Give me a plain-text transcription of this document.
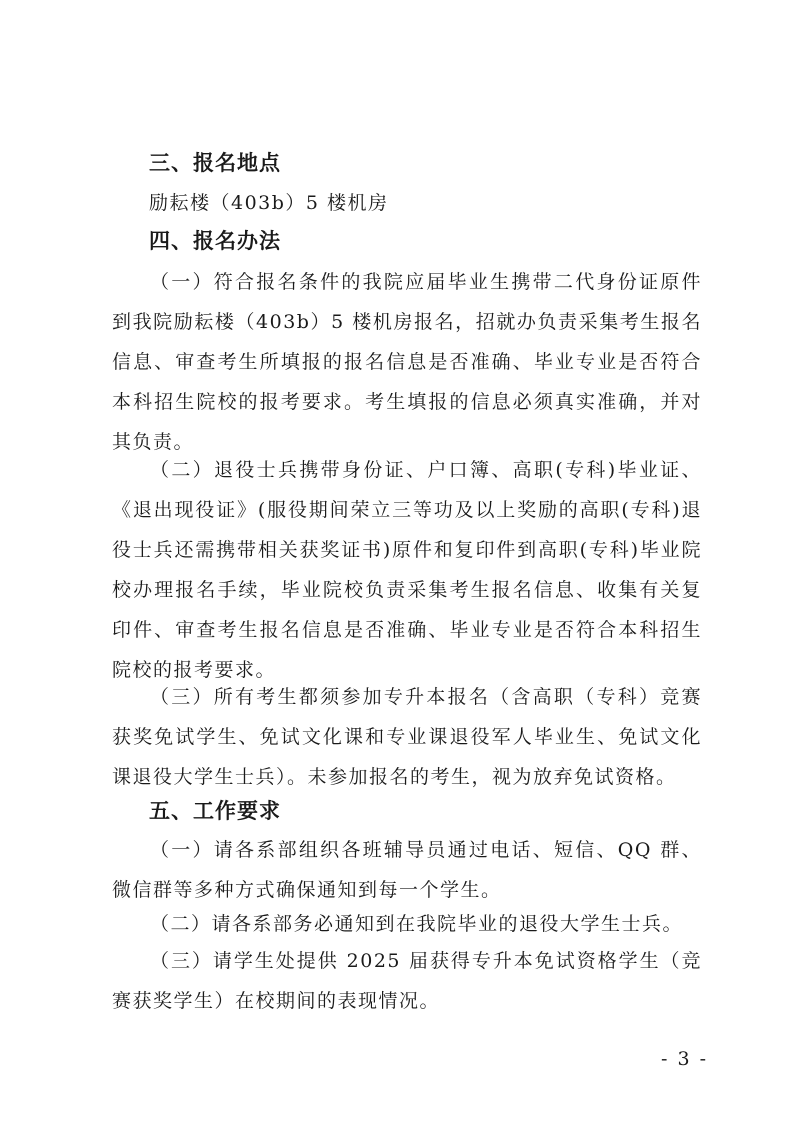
三、报名地点
励耘楼（403b）5 楼机房
四、报名办法

（一）符合报名条件的我院应届毕业生携带二代身份证原件到我院励耘楼（403b）5 楼机房报名，招就办负责采集考生报名信息、审查考生所填报的报名信息是否准确、毕业专业是否符合本科招生院校的报考要求。考生填报的信息必须真实准确，并对其负责。

（二）退役士兵携带身份证、户口簿、高职(专科)毕业证、《退出现役证》(服役期间荣立三等功及以上奖励的高职(专科)退役士兵还需携带相关获奖证书)原件和复印件到高职(专科)毕业院校办理报名手续，毕业院校负责采集考生报名信息、收集有关复印件、审查考生报名信息是否准确、毕业专业是否符合本科招生院校的报考要求。

（三）所有考生都须参加专升本报名（含高职（专科）竞赛获奖免试学生、免试文化课和专业课退役军人毕业生、免试文化课退役大学生士兵）。未参加报名的考生，视为放弃免试资格。

五、工作要求

（一）请各系部组织各班辅导员通过电话、短信、QQ 群、微信群等多种方式确保通知到每一个学生。

（二）请各系部务必通知到在我院毕业的退役大学生士兵。

（三）请学生处提供 2025 届获得专升本免试资格学生（竞赛获奖学生）在校期间的表现情况。

- 3 -
